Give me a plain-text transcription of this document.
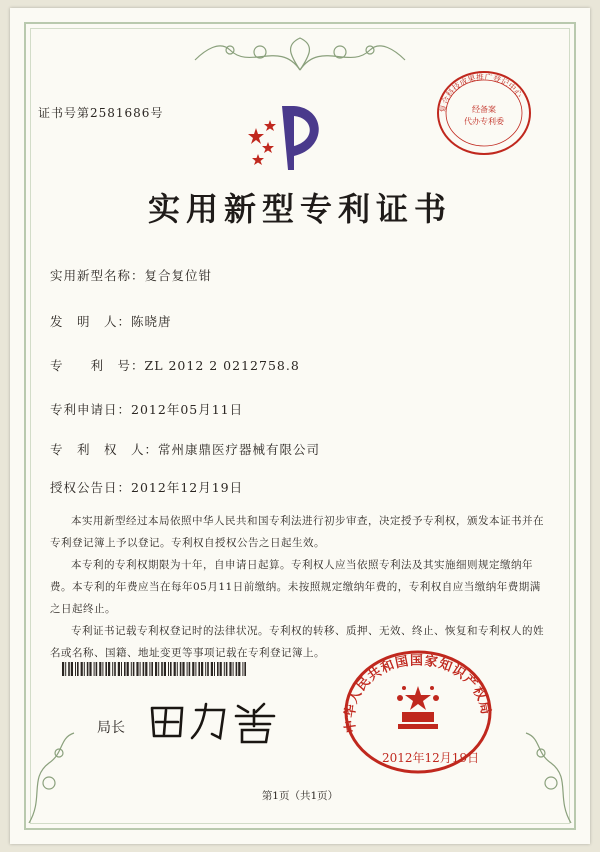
证书号第2581686号	复合科技成果推广登记中心
经备案
代办专利委
实用新型专利证书
实用新型名称：复合复位钳
发　明　人：陈晓唐
专　　利　号：ZL 2012 2 0212758.8
专利申请日：2012年05月11日
专　利　权　人：常州康鼎医疗器械有限公司
授权公告日：2012年12月19日

本实用新型经过本局依照中华人民共和国专利法进行初步审查，决定授予专利权，颁发本证书并在专利登记簿上予以登记。专利权自授权公告之日起生效。

本专利的专利权期限为十年，自申请日起算。专利权人应当依照专利法及其实施细则规定缴纳年费。本专利的年费应当在每年05月11日前缴纳。未按照规定缴纳年费的，专利权自应当缴纳年费期满之日起终止。

专利证书记载专利权登记时的法律状况。专利权的转移、质押、无效、终止、恢复和专利权人的姓名或名称、国籍、地址变更等事项记载在专利登记簿上。

局长	中华人民共和国国家知识产权局
2012年12月19日
第1页（共1页）
